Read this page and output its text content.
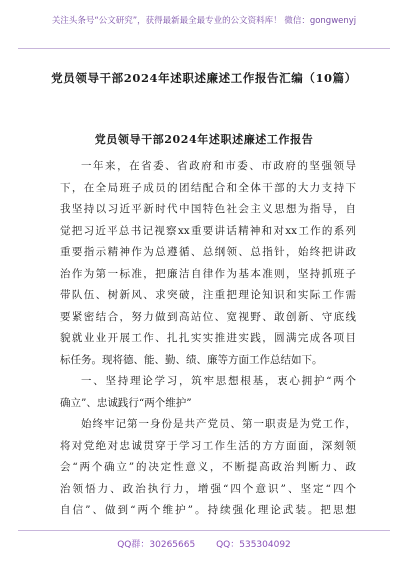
关注头条号“公文研究”，获得最新最全最专业的公文资料库！ 微信：gongwenyj
党员领导干部2024年述职述廉述工作报告汇编（10篇）
党员领导干部2024年述职述廉述工作报告
一年来，在省委、省政府和市委、市政府的坚强领导
下，在全局班子成员的团结配合和全体干部的大力支持下
我坚持以习近平新时代中国特色社会主义思想为指导，自
觉把习近平总书记视察xx重要讲话精神和对xx工作的系列
重要指示精神作为总遵循、总纲领、总指针，始终把讲政
治作为第一标准，把廉洁自律作为基本准则，坚持抓班子
带队伍、树新风、求突破，注重把理论知识和实际工作需
要紧密结合，努力做到高站位、宽视野、敢创新、守底线
貌就业业开展工作、扎扎实实推进实践，圆满完成各项目
标任务。现将德、能、勤、绩、廉等方面工作总结如下。
一、坚持理论学习，筑牢思想根基，衷心拥护“两个
确立”、忠诚践行“两个维护”
始终牢记第一身份是共产党员、第一职责是为党工作，
将对党绝对忠诚贯穿于学习工作生活的方方面面，深刻领
会“两个确立”的决定性意义，不断提高政治判断力、政
治领悟力、政治执行力，增强“四个意识”、坚定“四个
自信”、做到“两个维护”。持续强化理论武装。把思想
QQ群：30265665 QQ：535304092
